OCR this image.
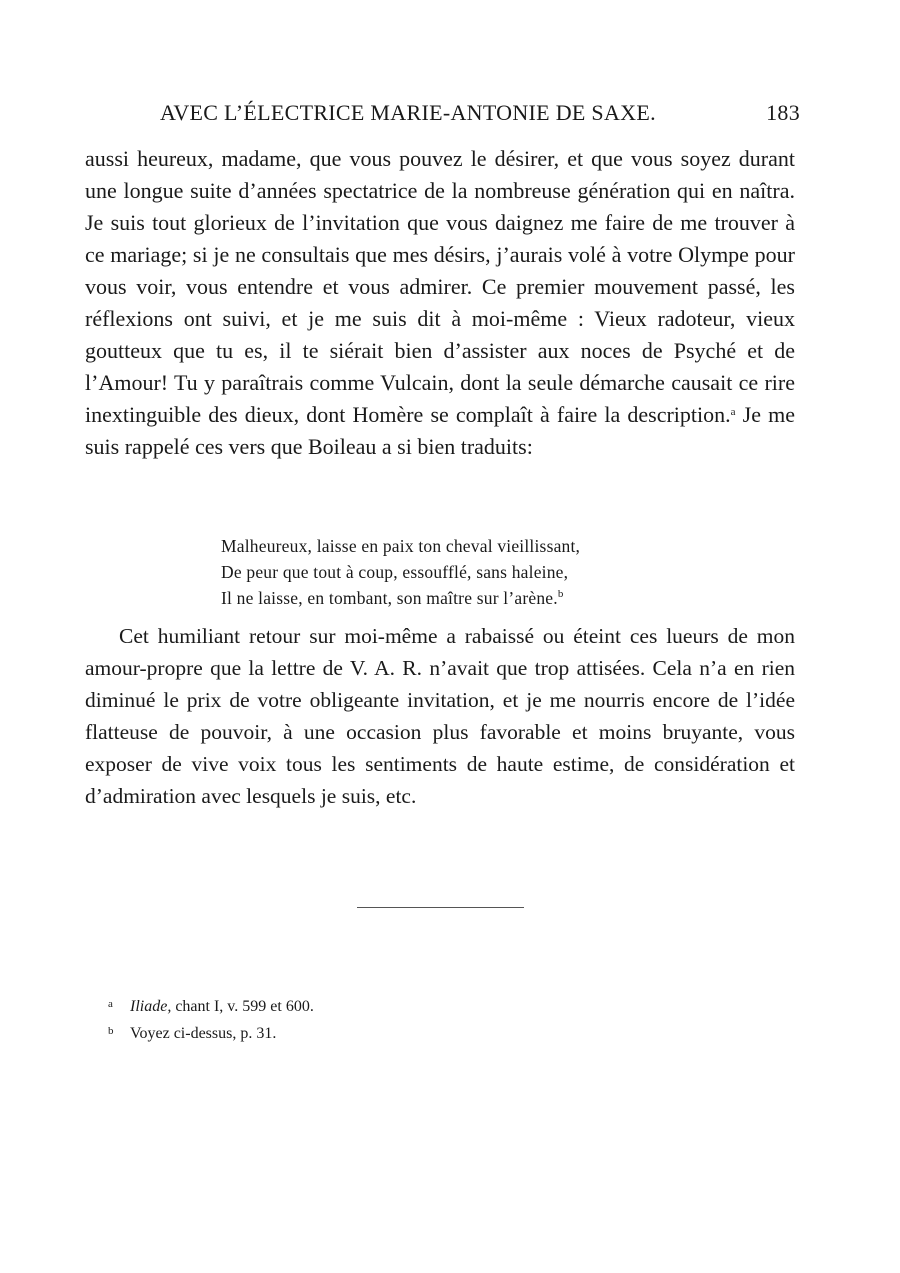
AVEC L’ÉLECTRICE MARIE-ANTONIE DE SAXE.	183

aussi heureux, madame, que vous pouvez le désirer, et que vous soyez durant une longue suite d’années spectatrice de la nombreuse génération qui en naîtra. Je suis tout glorieux de l’invitation que vous daignez me faire de me trouver à ce mariage; si je ne consultais que mes désirs, j’aurais volé à votre Olympe pour vous voir, vous entendre et vous admirer. Ce premier mouvement passé, les réflexions ont suivi, et je me suis dit à moi-même : Vieux radoteur, vieux goutteux que tu es, il te siérait bien d’assister aux noces de Psyché et de l’Amour! Tu y paraîtrais comme Vulcain, dont la seule démarche causait ce rire inextinguible des dieux, dont Homère se complaît à faire la description.$^a$ Je me suis rappelé ces vers que Boileau a si bien traduits:

Malheureux, laisse en paix ton cheval vieillissant,
De peur que tout à coup, essoufflé, sans haleine,
Il ne laisse, en tombant, son maître sur l’arène.$^b$

Cet humiliant retour sur moi-même a rabaissé ou éteint ces lueurs de mon amour-propre que la lettre de V. A. R. n’avait que trop attisées. Cela n’a en rien diminué le prix de votre obligeante invitation, et je me nourris encore de l’idée flatteuse de pouvoir, à une occasion plus favorable et moins bruyante, vous exposer de vive voix tous les sentiments de haute estime, de considération et d’admiration avec lesquels je suis, etc.

a Iliade, chant I, v. 599 et 600.
b Voyez ci-dessus, p. 31.
